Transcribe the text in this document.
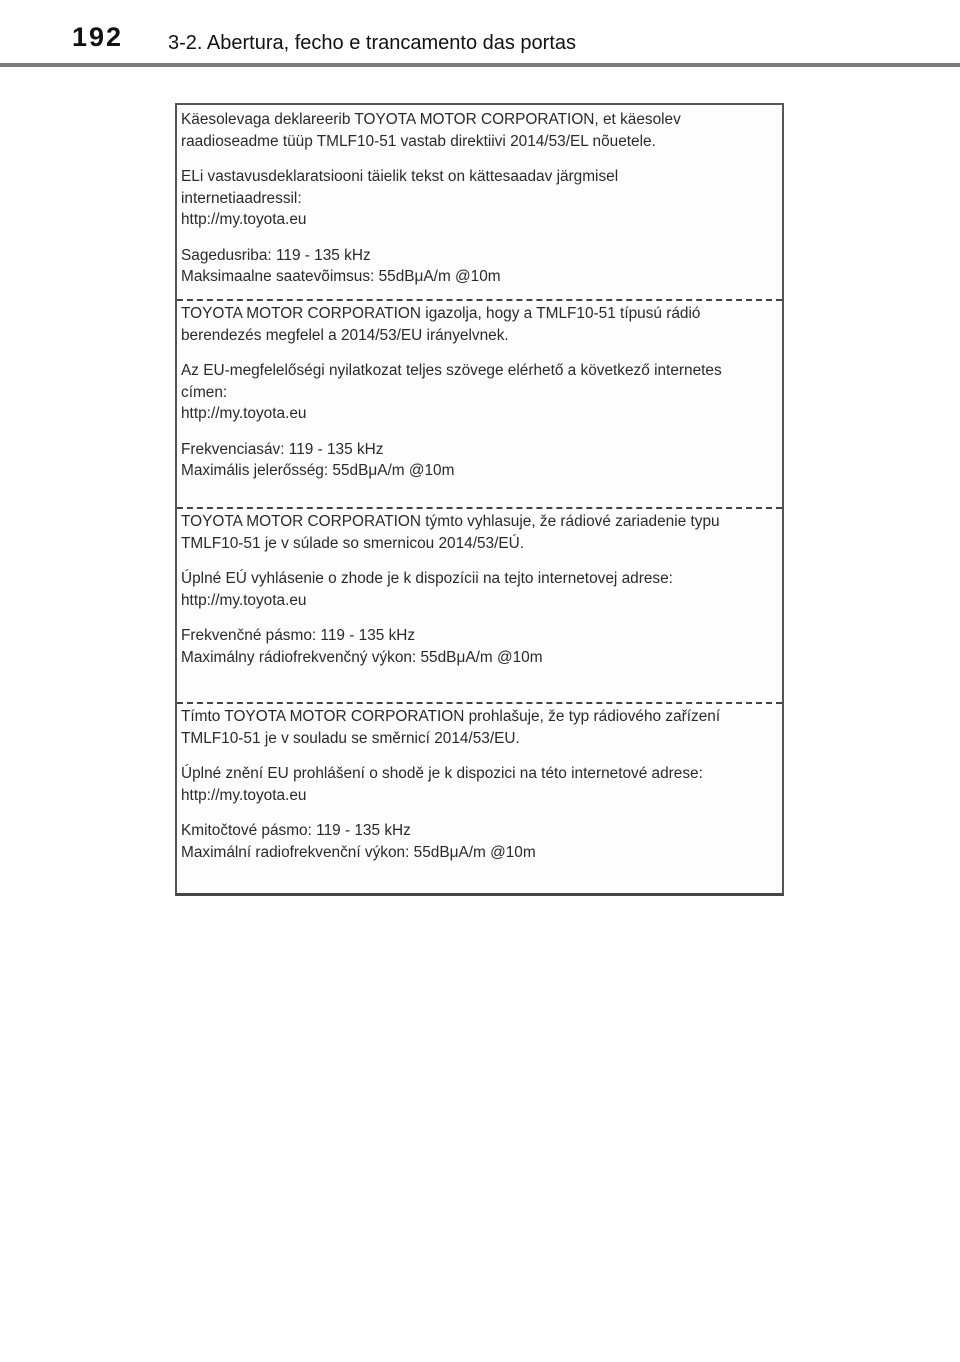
192 3-2. Abertura, fecho e trancamento das portas

Käesolevaga deklareerib TOYOTA MOTOR CORPORATION, et käesolev

raadioseadme tüüp TMLF10-51 vastab direktiivi 2014/53/EL nõuetele.

ELi vastavusdeklaratsiooni täielik tekst on kättesaadav järgmisel

internetiaadressil:

http://my.toyota.eu

Sagedusriba: 119 - 135 kHz

Maksimaalne saatevõimsus: 55dBμA/m @10m

TOYOTA MOTOR CORPORATION igazolja, hogy a TMLF10-51 típusú rádió

berendezés megfelel a 2014/53/EU irányelvnek.

Az EU-megfelelőségi nyilatkozat teljes szövege elérhető a következő internetes

címen:

http://my.toyota.eu

Frekvenciasáv: 119 - 135 kHz

Maximális jelerősség: 55dBμA/m @10m

TOYOTA MOTOR CORPORATION týmto vyhlasuje, že rádiové zariadenie typu

TMLF10-51 je v súlade so smernicou 2014/53/EÚ.

Úplné EÚ vyhlásenie o zhode je k dispozícii na tejto internetovej adrese:

http://my.toyota.eu

Frekvenčné pásmo: 119 - 135 kHz

Maximálny rádiofrekvenčný výkon: 55dBμA/m @10m

Tímto TOYOTA MOTOR CORPORATION prohlašuje, že typ rádiového zařízení

TMLF10-51 je v souladu se směrnicí 2014/53/EU.

Úplné znění EU prohlášení o shodě je k dispozici na této internetové adrese:

http://my.toyota.eu

Kmitočtové pásmo: 119 - 135 kHz

Maximální radiofrekvenční výkon: 55dBμA/m @10m
